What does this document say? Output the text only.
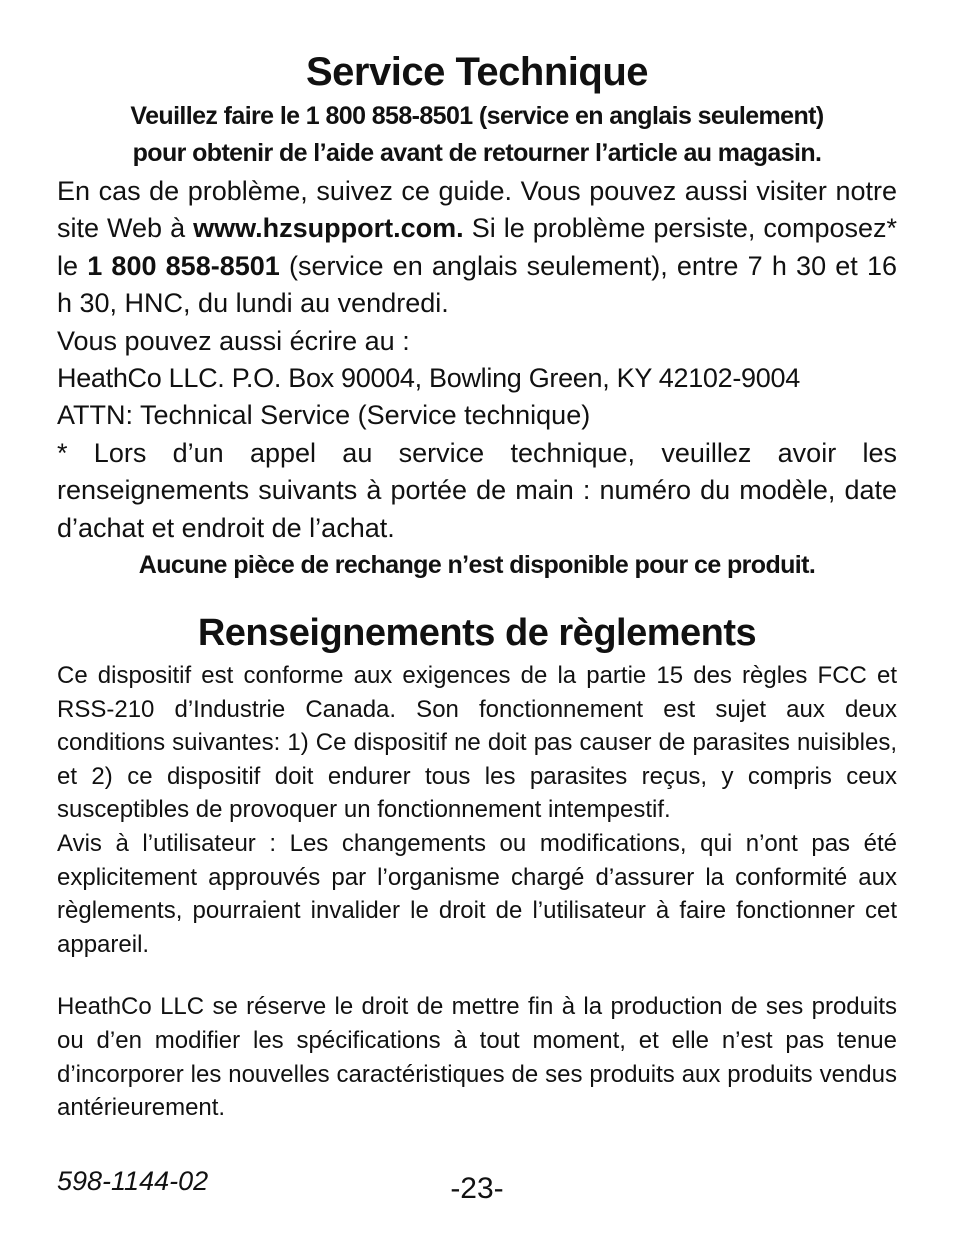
Service Technique
Veuillez faire le 1 800 858-8501 (service en anglais seulement)
pour obtenir de l’aide avant de retourner l’article au magasin.

En cas de problème, suivez ce guide. Vous pouvez aussi visiter notre site Web à www.hzsupport.com. Si le problème persiste, composez* le 1 800 858-8501 (service en anglais seulement), entre 7 h 30 et 16 h 30, HNC, du lundi au vendredi.

Vous pouvez aussi écrire au :

HeathCo LLC. P.O. Box 90004, Bowling Green, KY 42102-9004

ATTN: Technical Service (Service technique)

* Lors d’un appel au service technique, veuillez avoir les renseignements suivants à portée de main : numéro du modèle, date d’achat et endroit de l’achat.

Aucune pièce de rechange n’est disponible pour ce produit.
Renseignements de règlements

Ce dispositif est conforme aux exigences de la partie 15 des règles FCC et RSS-210 d’Industrie Canada. Son fonctionnement est sujet aux deux conditions suivantes: 1) Ce dispositif ne doit pas causer de parasites nuisibles, et 2) ce dispositif doit endurer tous les parasites reçus, y compris ceux susceptibles de provoquer un fonctionnement intempestif.

Avis à l’utilisateur : Les changements ou modifications, qui n’ont pas été explicitement approuvés par l’organisme chargé d’assurer la conformité aux règlements, pourraient invalider le droit de l’utilisateur à faire fonctionner cet appareil.

HeathCo LLC se réserve le droit de mettre fin à la production de ses produits ou d’en modifier les spécifications à tout moment, et elle n’est pas tenue d’incorporer les nouvelles caractéristiques de ses produits aux produits vendus antérieurement.

598-1144-02	-23-
